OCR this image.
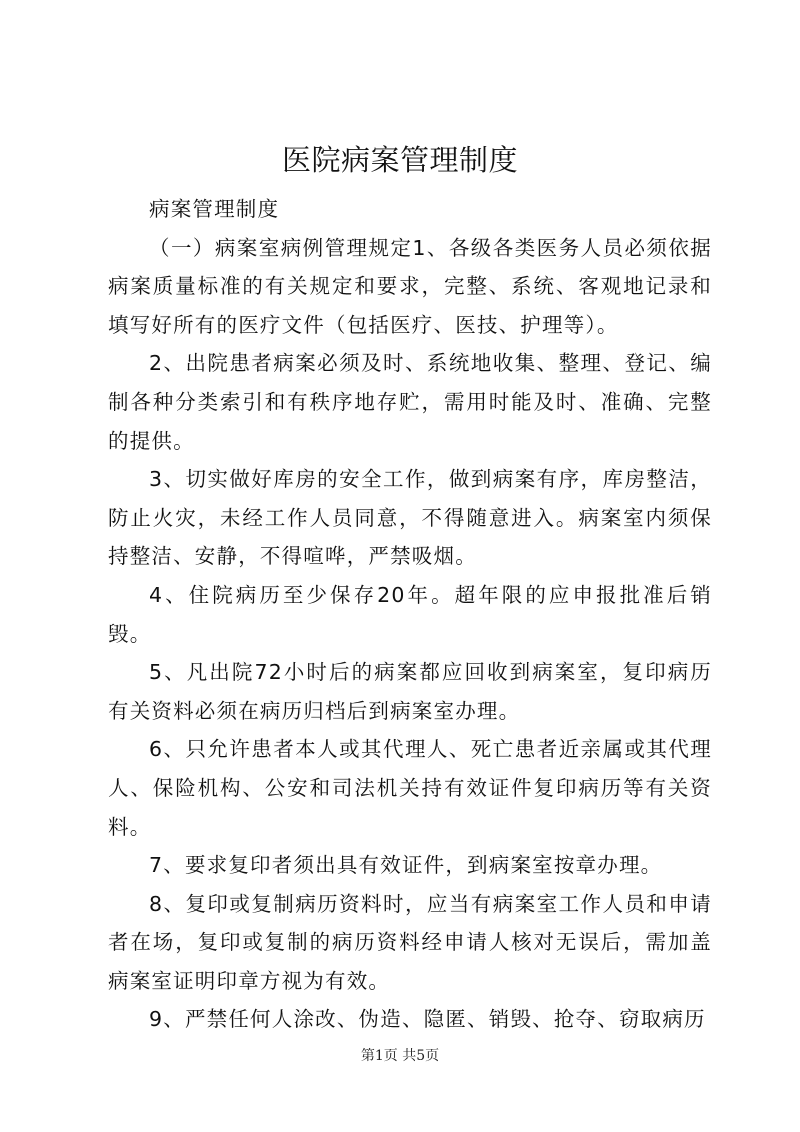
医院病案管理制度

病案管理制度

（一）病案室病例管理规定1、各级各类医务人员必须依据病案质量标准的有关规定和要求，完整、系统、客观地记录和填写好所有的医疗文件（包括医疗、医技、护理等）。

2、出院患者病案必须及时、系统地收集、整理、登记、编制各种分类索引和有秩序地存贮，需用时能及时、准确、完整的提供。

3、切实做好库房的安全工作，做到病案有序，库房整洁，防止火灾，未经工作人员同意，不得随意进入。病案室内须保持整洁、安静，不得喧哗，严禁吸烟。

4、住院病历至少保存20年。超年限的应申报批准后销毁。

5、凡出院72小时后的病案都应回收到病案室，复印病历有关资料必须在病历归档后到病案室办理。

6、只允许患者本人或其代理人、死亡患者近亲属或其代理人、保险机构、公安和司法机关持有效证件复印病历等有关资料。

7、要求复印者须出具有效证件，到病案室按章办理。

8、复印或复制病历资料时，应当有病案室工作人员和申请者在场，复印或复制的病历资料经申请人核对无误后，需加盖病案室证明印章方视为有效。

9、严禁任何人涂改、伪造、隐匿、销毁、抢夺、窃取病历

第1页 共5页
